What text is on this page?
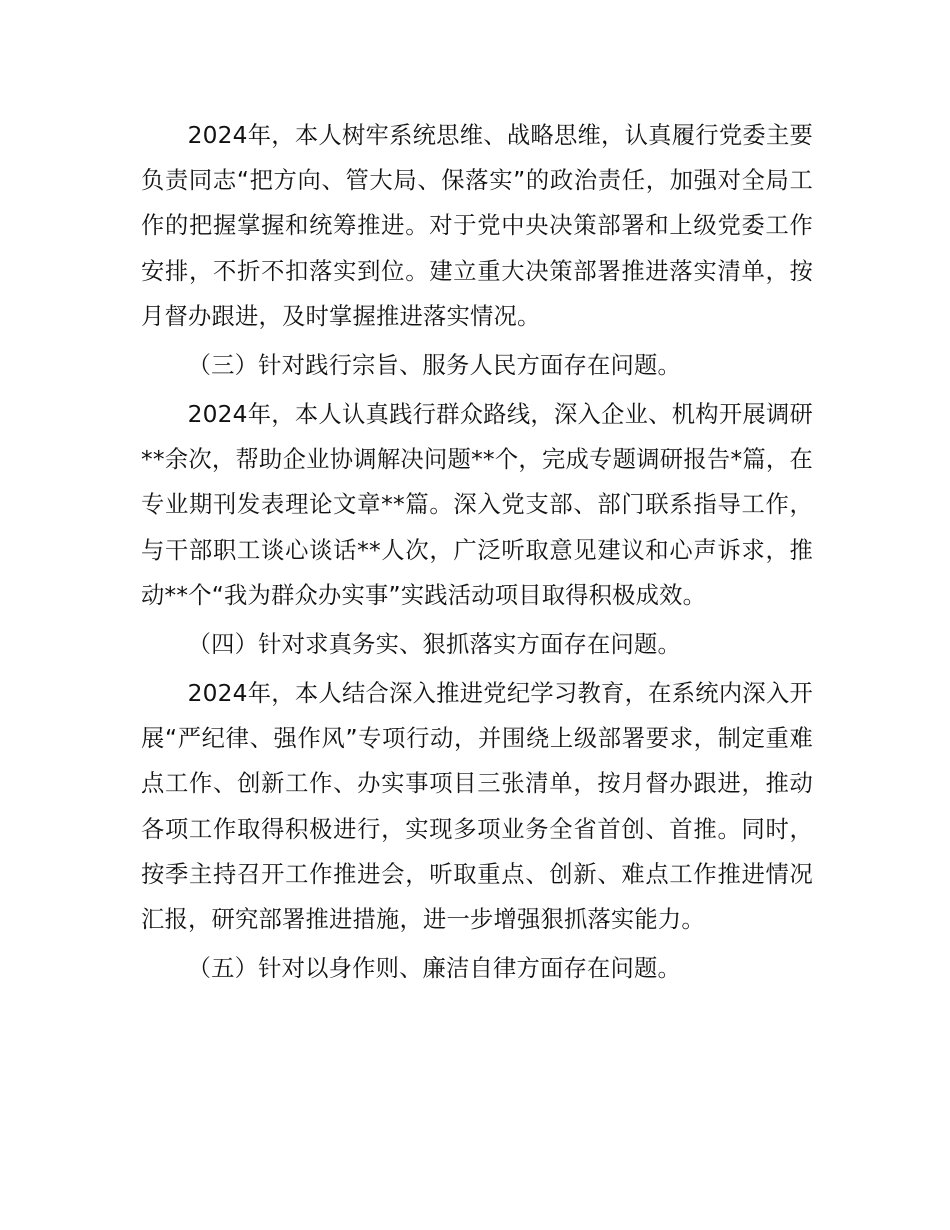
2024年，本人树牢系统思维、战略思维，认真履行党委主要负责同志“把方向、管大局、保落实”的政治责任，加强对全局工作的把握掌握和统筹推进。对于党中央决策部署和上级党委工作安排，不折不扣落实到位。建立重大决策部署推进落实清单，按月督办跟进，及时掌握推进落实情况。

（三）针对践行宗旨、服务人民方面存在问题。

2024年，本人认真践行群众路线，深入企业、机构开展调研**余次，帮助企业协调解决问题**个，完成专题调研报告*篇，在专业期刊发表理论文章**篇。深入党支部、部门联系指导工作，与干部职工谈心谈话**人次，广泛听取意见建议和心声诉求，推动**个“我为群众办实事”实践活动项目取得积极成效。

（四）针对求真务实、狠抓落实方面存在问题。

2024年，本人结合深入推进党纪学习教育，在系统内深入开展“严纪律、强作风”专项行动，并围绕上级部署要求，制定重难点工作、创新工作、办实事项目三张清单，按月督办跟进，推动各项工作取得积极进行，实现多项业务全省首创、首推。同时，按季主持召开工作推进会，听取重点、创新、难点工作推进情况汇报，研究部署推进措施，进一步增强狠抓落实能力。

（五）针对以身作则、廉洁自律方面存在问题。
